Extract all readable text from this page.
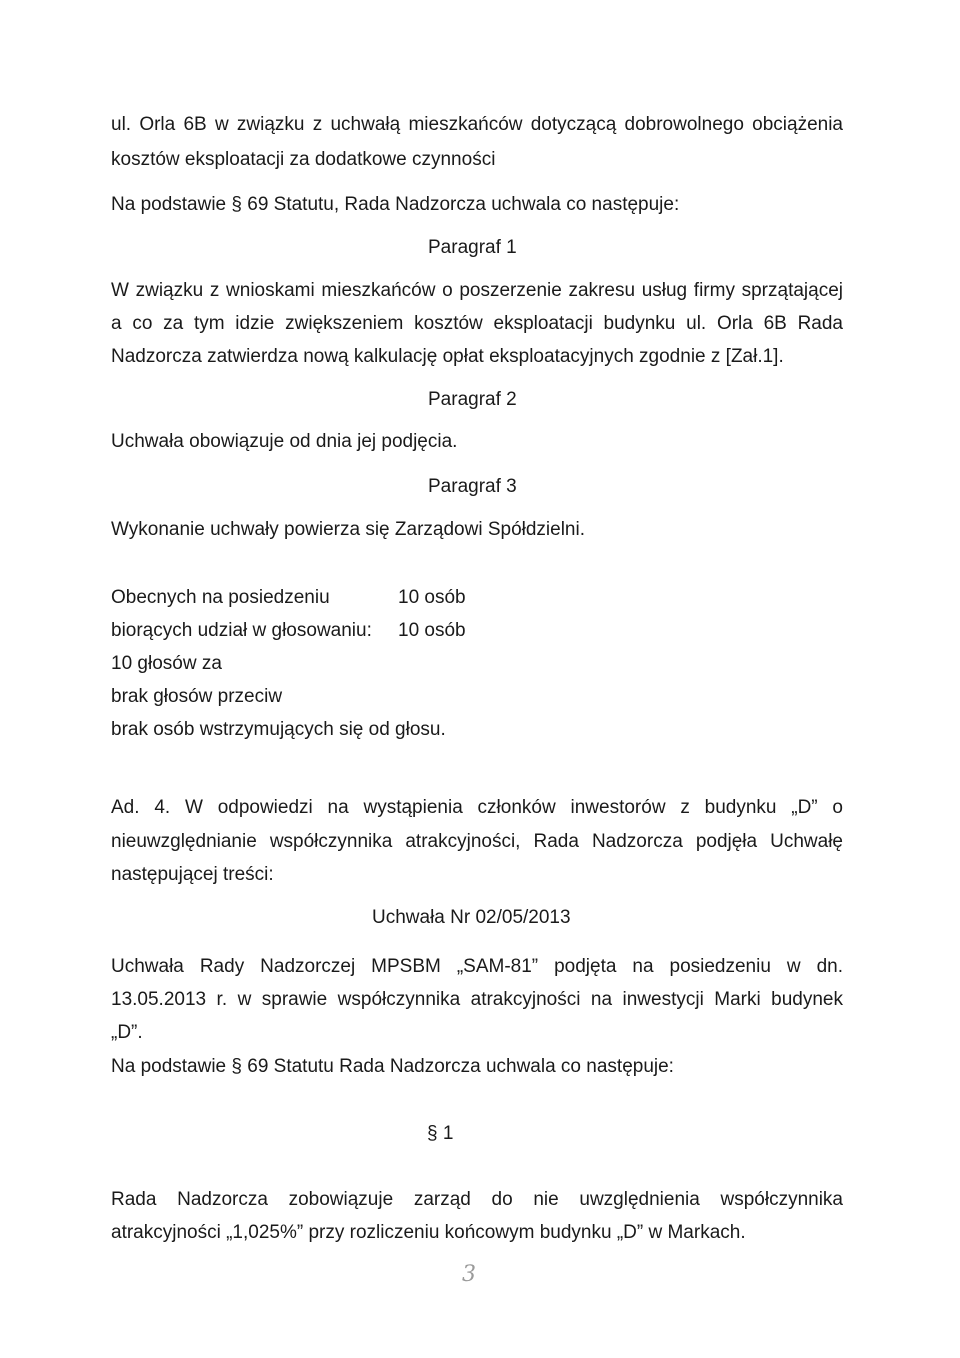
ul. Orla 6B w związku z uchwałą mieszkańców dotyczącą dobrowolnego obciążenia

kosztów eksploatacji za dodatkowe czynności

Na podstawie § 69 Statutu, Rada Nadzorcza uchwala co następuje:

Paragraf 1

W związku z wnioskami mieszkańców o poszerzenie zakresu usług firmy sprzątającej

a co za tym idzie zwiększeniem kosztów eksploatacji budynku ul. Orla 6B Rada

Nadzorcza zatwierdza nową kalkulację opłat eksploatacyjnych zgodnie z [Zał.1].

Paragraf 2

Uchwała obowiązuje od dnia jej podjęcia.

Paragraf 3

Wykonanie uchwały powierza się Zarządowi Spółdzielni.

Obecnych na posiedzeniu	10 osób
biorących udział w głosowaniu: 10 osób

10 głosów za

brak głosów przeciw

brak osób wstrzymujących się od głosu.

Ad. 4. W odpowiedzi na wystąpienia członków inwestorów z budynku „D” o

nieuwzględnianie współczynnika atrakcyjności, Rada Nadzorcza podjęła Uchwałę

następującej treści:

Uchwała Nr 02/05/2013

Uchwała Rady Nadzorczej MPSBM „SAM-81” podjęta na posiedzeniu w dn.

13.05.2013 r. w sprawie współczynnika atrakcyjności na inwestycji Marki budynek

„D”.

Na podstawie § 69 Statutu Rada Nadzorcza uchwala co następuje:

§ 1

Rada Nadzorcza zobowiązuje zarząd do nie uwzględnienia współczynnika

atrakcyjności „1,025%” przy rozliczeniu końcowym budynku „D” w Markach.

3
